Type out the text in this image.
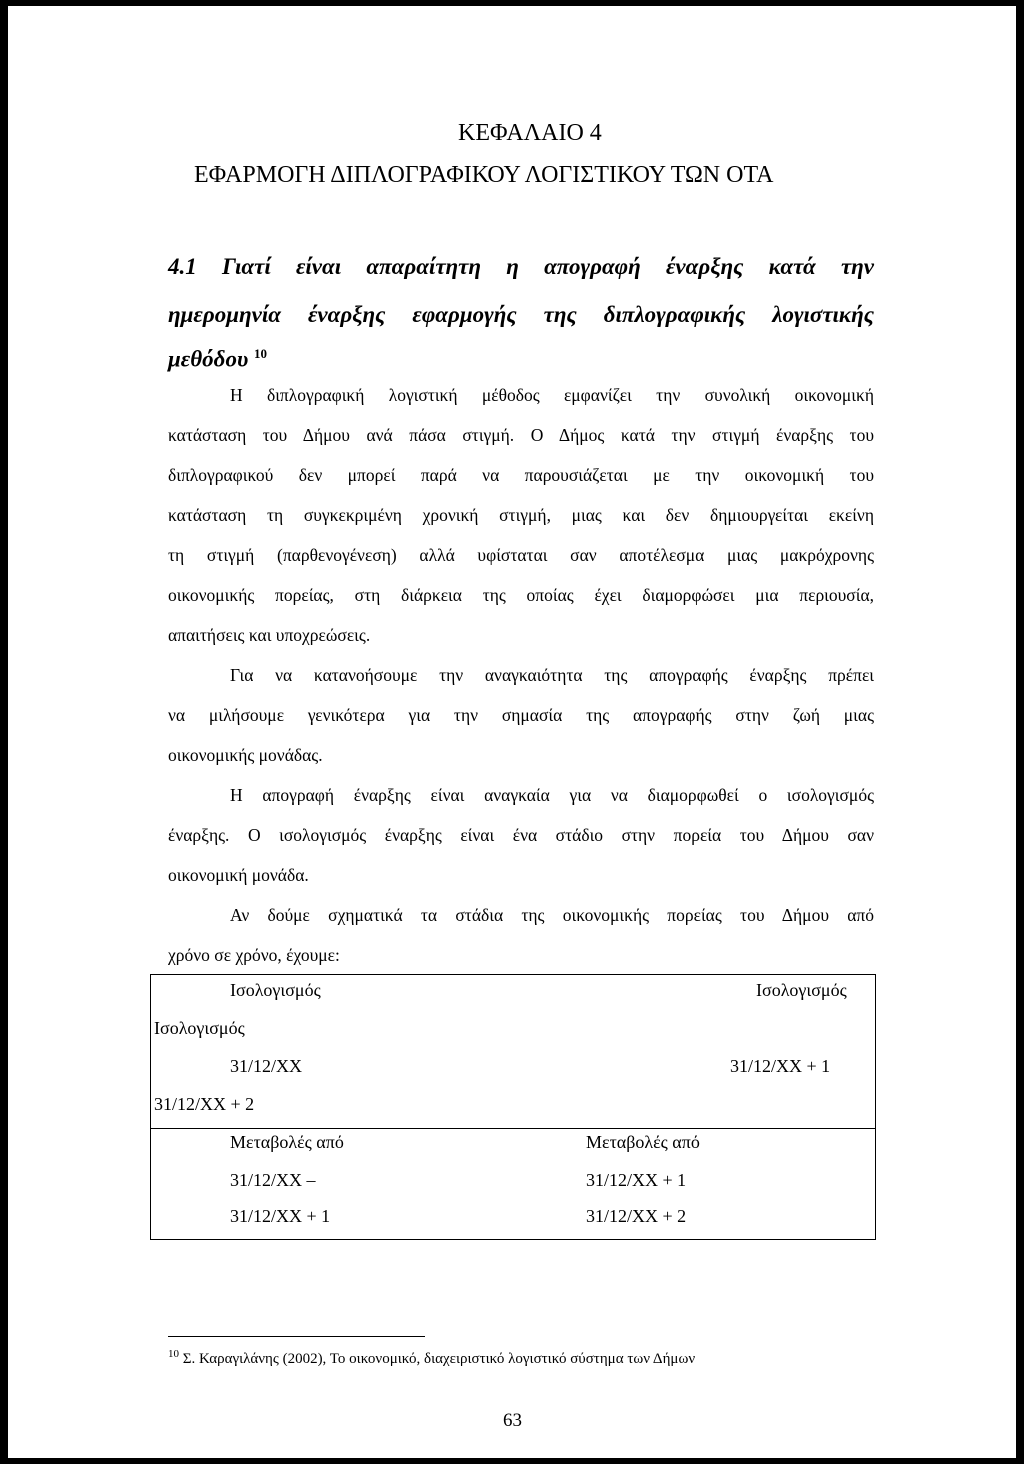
ΚΕΦΑΛΑΙΟ 4
ΕΦΑΡΜΟΓΗ ΔΙΠΛΟΓΡΑΦΙΚΟΥ ΛΟΓΙΣΤΙΚΟΥ ΤΩΝ ΟΤΑ
4.1 Γιατί είναι απαραίτητη η απογραφή έναρξης κατά την
ημερομηνία έναρξης εφαρμογής της διπλογραφικής λογιστικής
μεθόδου $^{10}$
Η διπλογραφική λογιστική μέθοδος εμφανίζει την συνολική οικονομική
κατάσταση του Δήμου ανά πάσα στιγμή. Ο Δήμος κατά την στιγμή έναρξης του
διπλογραφικού δεν μπορεί παρά να παρουσιάζεται με την οικονομική του
κατάσταση τη συγκεκριμένη χρονική στιγμή, μιας και δεν δημιουργείται εκείνη
τη στιγμή (παρθενογένεση) αλλά υφίσταται σαν αποτέλεσμα μιας μακρόχρονης
οικονομικής πορείας, στη διάρκεια της οποίας έχει διαμορφώσει μια περιουσία,
απαιτήσεις και υποχρεώσεις.
Για να κατανοήσουμε την αναγκαιότητα της απογραφής έναρξης πρέπει
να μιλήσουμε γενικότερα για την σημασία της απογραφής στην ζωή μιας
οικονομικής μονάδας.
Η απογραφή έναρξης είναι αναγκαία για να διαμορφωθεί ο ισολογισμός
έναρξης. Ο ισολογισμός έναρξης είναι ένα στάδιο στην πορεία του Δήμου σαν
οικονομική μονάδα.
Αν δούμε σχηματικά τα στάδια της οικονομικής πορείας του Δήμου από
χρόνο σε χρόνο, έχουμε:
Ισολογισμός	Ισολογισμός
Ισολογισμός
31/12/ΧΧ	31/12/ΧΧ + 1
31/12/ΧΧ + 2
Μεταβολές από	Μεταβολές από
31/12/ΧΧ –	31/12/ΧΧ + 1
31/12/ΧΧ + 1	31/12/ΧΧ + 2
$^{10}$ Σ. Καραγιλάνης (2002), Το οικονομικό, διαχειριστικό λογιστικό σύστημα των Δήμων
63
